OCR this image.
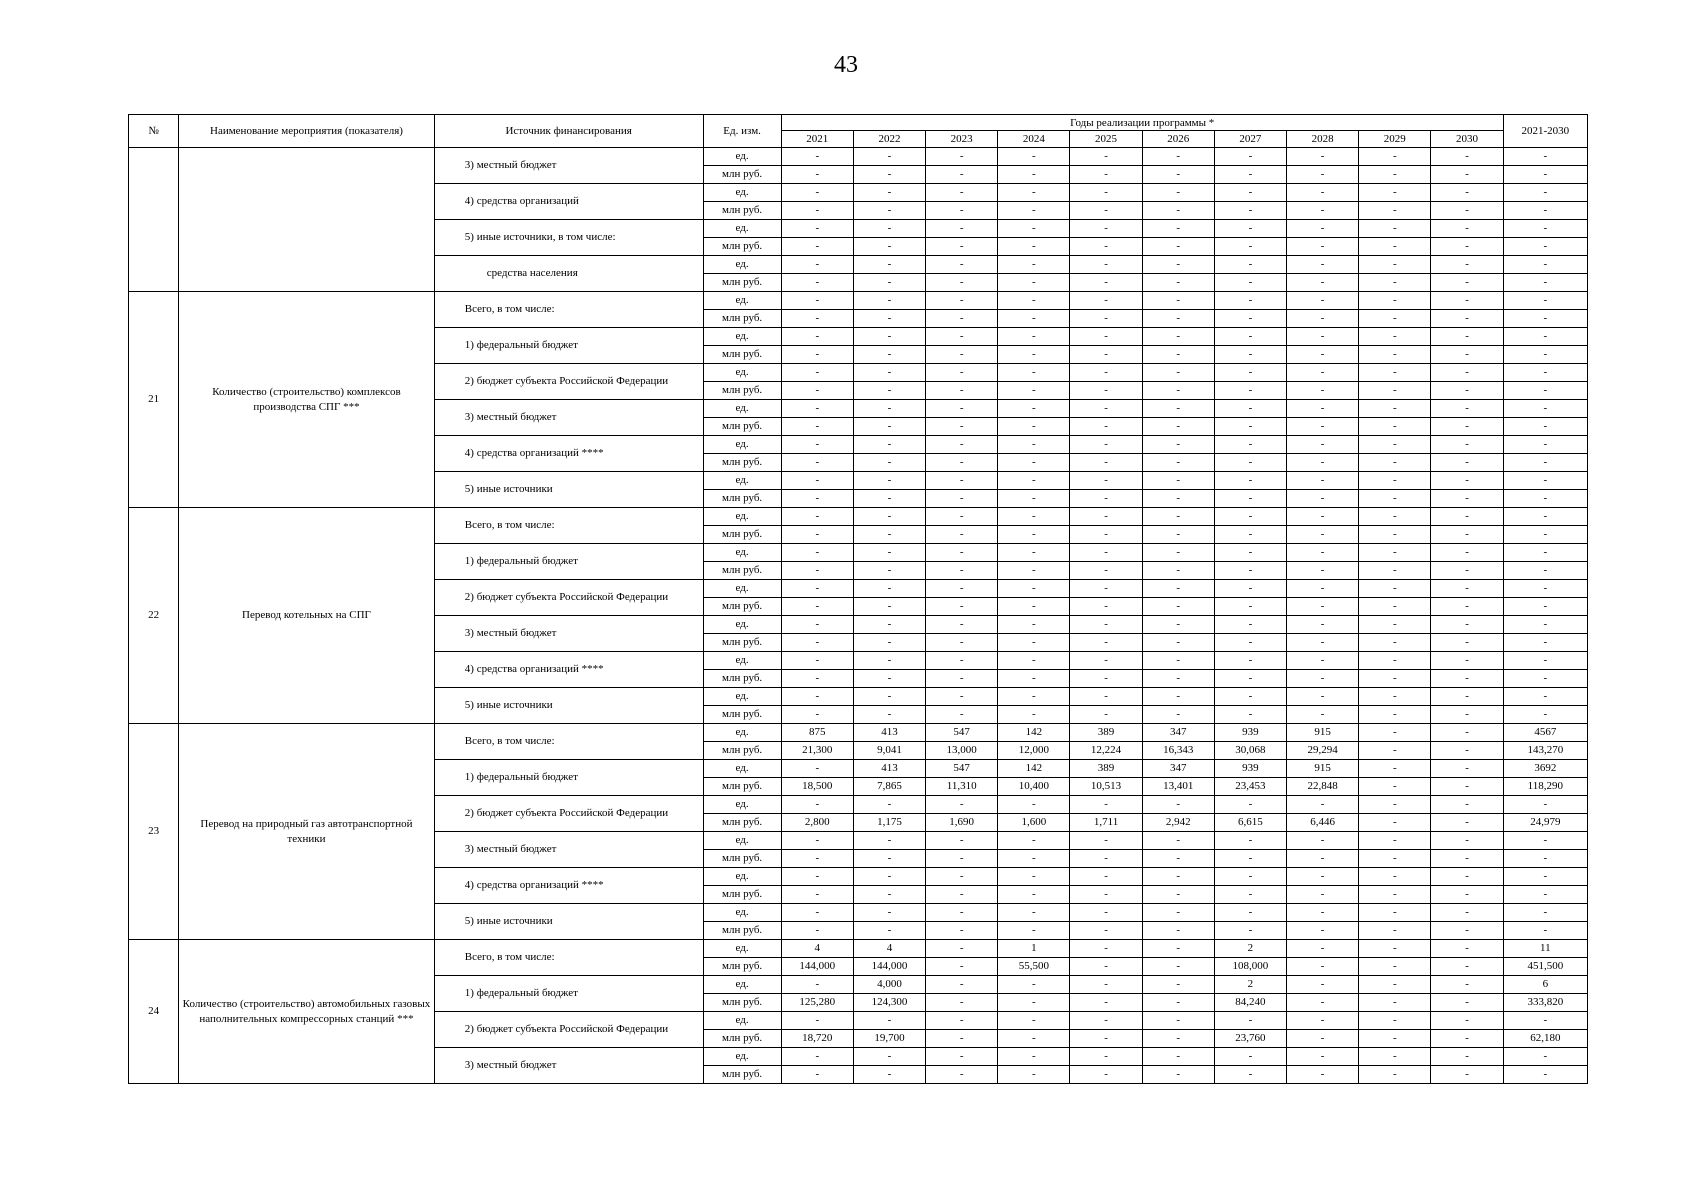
43
№	Наименование мероприятия (показателя)	Источник финансирования	Ед. изм.	Годы реализации программы *										2021-2030
				2021	2022	2023	2024	2025	2026	2027	2028	2029	2030	
		3) местный бюджет	ед.	-	-	-	-	-	-	-	-	-	-	-
			млн руб.	-	-	-	-	-	-	-	-	-	-	-
		4) средства организаций	ед.	-	-	-	-	-	-	-	-	-	-	-
			млн руб.	-	-	-	-	-	-	-	-	-	-	-
		5) иные источники, в том числе:	ед.	-	-	-	-	-	-	-	-	-	-	-
			млн руб.	-	-	-	-	-	-	-	-	-	-	-
		средства населения	ед.	-	-	-	-	-	-	-	-	-	-	-
			млн руб.	-	-	-	-	-	-	-	-	-	-	-
21	Количество (строительство) комплексов производства СПГ ***	Всего, в том числе:	ед.	-	-	-	-	-	-	-	-	-	-	-
			млн руб.	-	-	-	-	-	-	-	-	-	-	-
		1) федеральный бюджет	ед.	-	-	-	-	-	-	-	-	-	-	-
			млн руб.	-	-	-	-	-	-	-	-	-	-	-
		2) бюджет субъекта Российской Федерации	ед.	-	-	-	-	-	-	-	-	-	-	-
			млн руб.	-	-	-	-	-	-	-	-	-	-	-
		3) местный бюджет	ед.	-	-	-	-	-	-	-	-	-	-	-
			млн руб.	-	-	-	-	-	-	-	-	-	-	-
		4) средства организаций ****	ед.	-	-	-	-	-	-	-	-	-	-	-
			млн руб.	-	-	-	-	-	-	-	-	-	-	-
		5) иные источники	ед.	-	-	-	-	-	-	-	-	-	-	-
			млн руб.	-	-	-	-	-	-	-	-	-	-	-
22	Перевод котельных на СПГ	Всего, в том числе:	ед.	-	-	-	-	-	-	-	-	-	-	-
			млн руб.	-	-	-	-	-	-	-	-	-	-	-
		1) федеральный бюджет	ед.	-	-	-	-	-	-	-	-	-	-	-
			млн руб.	-	-	-	-	-	-	-	-	-	-	-
		2) бюджет субъекта Российской Федерации	ед.	-	-	-	-	-	-	-	-	-	-	-
			млн руб.	-	-	-	-	-	-	-	-	-	-	-
		3) местный бюджет	ед.	-	-	-	-	-	-	-	-	-	-	-
			млн руб.	-	-	-	-	-	-	-	-	-	-	-
		4) средства организаций ****	ед.	-	-	-	-	-	-	-	-	-	-	-
			млн руб.	-	-	-	-	-	-	-	-	-	-	-
		5) иные источники	ед.	-	-	-	-	-	-	-	-	-	-	-
			млн руб.	-	-	-	-	-	-	-	-	-	-	-
23	Перевод на природный газ автотранспортной техники	Всего, в том числе:	ед.	875	413	547	142	389	347	939	915	-	-	4567
			млн руб.	21,300	9,041	13,000	12,000	12,224	16,343	30,068	29,294	-	-	143,270
		1) федеральный бюджет	ед.	-	413	547	142	389	347	939	915	-	-	3692
			млн руб.	18,500	7,865	11,310	10,400	10,513	13,401	23,453	22,848	-	-	118,290
		2) бюджет субъекта Российской Федерации	ед.	-	-	-	-	-	-	-	-	-	-	-
			млн руб.	2,800	1,175	1,690	1,600	1,711	2,942	6,615	6,446	-	-	24,979
		3) местный бюджет	ед.	-	-	-	-	-	-	-	-	-	-	-
			млн руб.	-	-	-	-	-	-	-	-	-	-	-
		4) средства организаций ****	ед.	-	-	-	-	-	-	-	-	-	-	-
			млн руб.	-	-	-	-	-	-	-	-	-	-	-
		5) иные источники	ед.	-	-	-	-	-	-	-	-	-	-	-
			млн руб.	-	-	-	-	-	-	-	-	-	-	-
24	Количество (строительство) автомобильных газовых наполнительных компрессорных станций ***	Всего, в том числе:	ед.	4	4	-	1	-	-	2	-	-	-	11
			млн руб.	144,000	144,000	-	55,500	-	-	108,000	-	-	-	451,500
		1) федеральный бюджет	ед.	-	4,000	-	-	-	-	2	-	-	-	6
			млн руб.	125,280	124,300	-	-	-	-	84,240	-	-	-	333,820
		2) бюджет субъекта Российской Федерации	ед.	-	-	-	-	-	-	-	-	-	-	-
			млн руб.	18,720	19,700	-	-	-	-	23,760	-	-	-	62,180
		3) местный бюджет	ед.	-	-	-	-	-	-	-	-	-	-	-
			млн руб.	-	-	-	-	-	-	-	-	-	-	-
